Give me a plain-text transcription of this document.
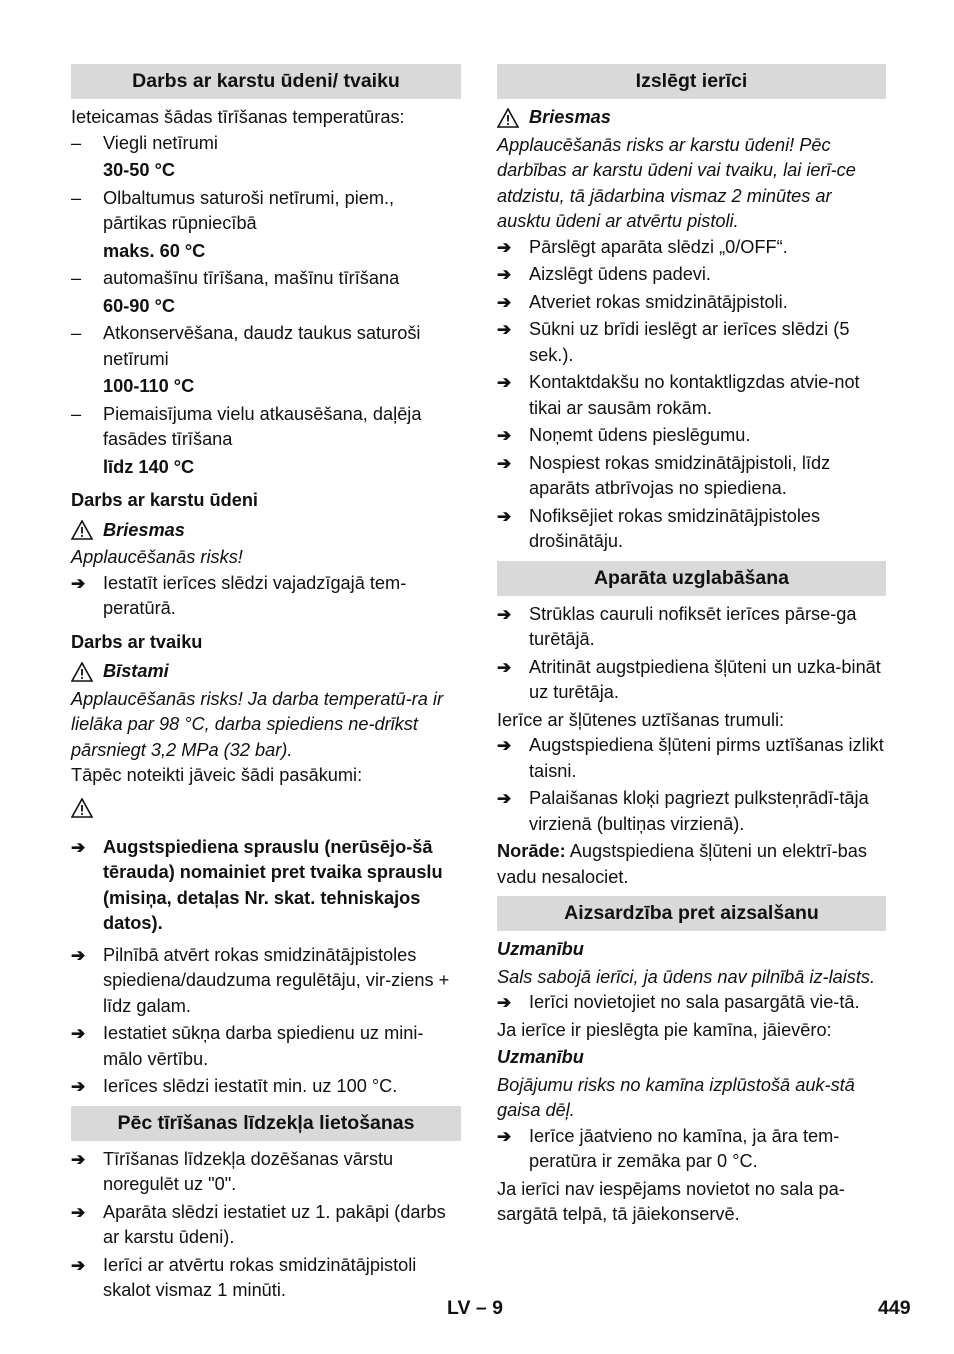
Darbs ar karstu ūdeni/ tvaiku

Ieteicamas šādas tīrīšanas temperatūras:

– Viegli netīrumi
30-50 °C
– Olbaltumus saturoši netīrumi, piem., pārtikas rūpniecībā
maks. 60 °C
– automašīnu tīrīšana, mašīnu tīrīšana
60-90 °C
– Atkonservēšana, daudz taukus saturoši netīrumi
100-110 °C
– Piemaisījuma vielu atkausēšana, daļēja fasādes tīrīšana
līdz 140 °C
Darbs ar karstu ūdeni
Briesmas

Applaucēšanās risks!

➔ Iestatīt ierīces slēdzi vajadzīgajā tem-peratūrā.
Darbs ar tvaiku
Bīstami

Applaucēšanās risks! Ja darba temperatū-ra ir lielāka par 98 °C, darba spiediens ne-drīkst pārsniegt 3,2 MPa (32 bar).

Tāpēc noteikti jāveic šādi pasākumi:

➔ Augstspiediena sprauslu (nerūsējo-šā tērauda) nomainiet pret tvaika sprauslu (misiņa, detaļas Nr. skat. tehniskajos datos).
➔ Pilnībā atvērt rokas smidzinātājpistoles spiediena/daudzuma regulētāju, vir-ziens + līdz galam.
➔ Iestatiet sūkņa darba spiedienu uz mini-mālo vērtību.
➔ Ierīces slēdzi iestatīt min. uz 100 °C.
Pēc tīrīšanas līdzekļa lietošanas
➔ Tīrīšanas līdzekļa dozēšanas vārstu noregulēt uz "0".
➔ Aparāta slēdzi iestatiet uz 1. pakāpi (darbs ar karstu ūdeni).
➔ Ierīci ar atvērtu rokas smidzinātājpistoli skalot vismaz 1 minūti.
Izslēgt ierīci
Briesmas

Applaucēšanās risks ar karstu ūdeni! Pēc darbības ar karstu ūdeni vai tvaiku, lai ierī-ce atdzistu, tā jādarbina vismaz 2 minūtes ar ausktu ūdeni ar atvērtu pistoli.

➔ Pārslēgt aparāta slēdzi „0/OFF“.
➔ Aizslēgt ūdens padevi.
➔ Atveriet rokas smidzinātājpistoli.
➔ Sūkni uz brīdi ieslēgt ar ierīces slēdzi (5 sek.).
➔ Kontaktdakšu no kontaktligzdas atvie-not tikai ar sausām rokām.
➔ Noņemt ūdens pieslēgumu.
➔ Nospiest rokas smidzinātājpistoli, līdz aparāts atbrīvojas no spiediena.
➔ Nofiksējiet rokas smidzinātājpistoles drošinātāju.
Aparāta uzglabāšana
➔ Strūklas cauruli nofiksēt ierīces pārse-ga turētājā.
➔ Atritināt augstpiediena šļūteni un uzka-bināt uz turētāja.

Ierīce ar šļūtenes uztīšanas trumuli:

➔ Augstspiediena šļūteni pirms uztīšanas izlikt taisni.
➔ Palaišanas kloķi pagriezt pulksteņrādī-tāja virzienā (bultiņas virzienā).

Norāde: Augstspiediena šļūteni un elektrī-bas vadu nesalociet.

Aizsardzība pret aizsalšanu

Uzmanību

Sals sabojā ierīci, ja ūdens nav pilnībā iz-laists.

➔ Ierīci novietojiet no sala pasargātā vie-tā.

Ja ierīce ir pieslēgta pie kamīna, jāievēro:

Uzmanību

Bojājumu risks no kamīna izplūstošā auk-stā gaisa dēļ.

➔ Ierīce jāatvieno no kamīna, ja āra tem-peratūra ir zemāka par 0 °C.

Ja ierīci nav iespējams novietot no sala pa-sargātā telpā, tā jāiekonservē.

LV – 9	449
